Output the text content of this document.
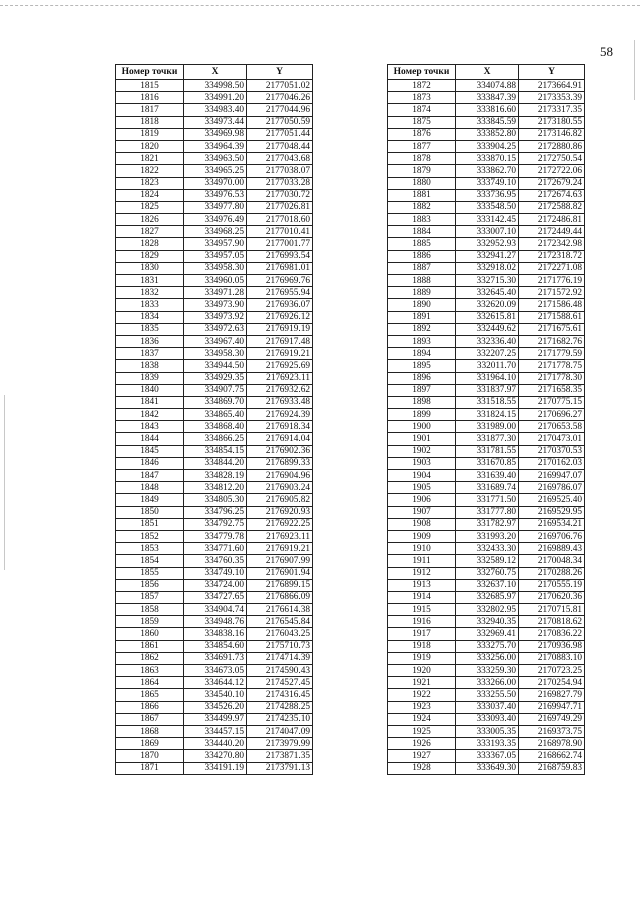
58
Номер точки	X	Y
1815	334998.50	2177051.02
1816	334991.20	2177046.26
1817	334983.40	2177044.96
1818	334973.44	2177050.59
1819	334969.98	2177051.44
1820	334964.39	2177048.44
1821	334963.50	2177043.68
1822	334965.25	2177038.07
1823	334970.00	2177033.28
1824	334976.53	2177030.72
1825	334977.80	2177026.81
1826	334976.49	2177018.60
1827	334968.25	2177010.41
1828	334957.90	2177001.77
1829	334957.05	2176993.54
1830	334958.30	2176981.01
1831	334960.05	2176969.76
1832	334971.28	2176955.94
1833	334973.90	2176936.07
1834	334973.92	2176926.12
1835	334972.63	2176919.19
1836	334967.40	2176917.48
1837	334958.30	2176919.21
1838	334944.50	2176925.69
1839	334929.35	2176923.11
1840	334907.75	2176932.62
1841	334869.70	2176933.48
1842	334865.40	2176924.39
1843	334868.40	2176918.34
1844	334866.25	2176914.04
1845	334854.15	2176902.36
1846	334844.20	2176899.33
1847	334828.19	2176904.96
1848	334812.20	2176903.24
1849	334805.30	2176905.82
1850	334796.25	2176920.93
1851	334792.75	2176922.25
1852	334779.78	2176923.11
1853	334771.60	2176919.21
1854	334760.35	2176907.99
1855	334749.10	2176901.94
1856	334724.00	2176899.15
1857	334727.65	2176866.09
1858	334904.74	2176614.38
1859	334948.76	2176545.84
1860	334838.16	2176043.25
1861	334854.60	2175710.73
1862	334691.73	2174714.39
1863	334673.05	2174590.43
1864	334644.12	2174527.45
1865	334540.10	2174316.45
1866	334526.20	2174288.25
1867	334499.97	2174235.10
1868	334457.15	2174047.09
1869	334440.20	2173979.99
1870	334270.80	2173871.35
1871	334191.19	2173791.13
Номер точки	X	Y
1872	334074.88	2173664.91
1873	333847.39	2173353.39
1874	333816.60	2173317.35
1875	333845.59	2173180.55
1876	333852.80	2173146.82
1877	333904.25	2172880.86
1878	333870.15	2172750.54
1879	333862.70	2172722.06
1880	333749.10	2172679.24
1881	333736.95	2172674.63
1882	333548.50	2172588.82
1883	333142.45	2172486.81
1884	333007.10	2172449.44
1885	332952.93	2172342.98
1886	332941.27	2172318.72
1887	332918.02	2172271.08
1888	332715.30	2171776.19
1889	332645.40	2171572.92
1890	332620.09	2171586.48
1891	332615.81	2171588.61
1892	332449.62	2171675.61
1893	332336.40	2171682.76
1894	332207.25	2171779.59
1895	332011.70	2171778.75
1896	331964.10	2171778.30
1897	331837.97	2171658.35
1898	331518.55	2170775.15
1899	331824.15	2170696.27
1900	331989.00	2170653.58
1901	331877.30	2170473.01
1902	331781.55	2170370.53
1903	331670.85	2170162.03
1904	331639.40	2169947.07
1905	331689.74	2169786.07
1906	331771.50	2169525.40
1907	331777.80	2169529.95
1908	331782.97	2169534.21
1909	331993.20	2169706.76
1910	332433.30	2169889.43
1911	332589.12	2170048.34
1912	332760.75	2170288.26
1913	332637.10	2170555.19
1914	332685.97	2170620.36
1915	332802.95	2170715.81
1916	332940.35	2170818.62
1917	332969.41	2170836.22
1918	333275.70	2170936.98
1919	333256.00	2170883.10
1920	333259.30	2170723.25
1921	333266.00	2170254.94
1922	333255.50	2169827.79
1923	333037.40	2169947.71
1924	333093.40	2169749.29
1925	333005.35	2169373.75
1926	333193.35	2168978.90
1927	333367.05	2168662.74
1928	333649.30	2168759.83
